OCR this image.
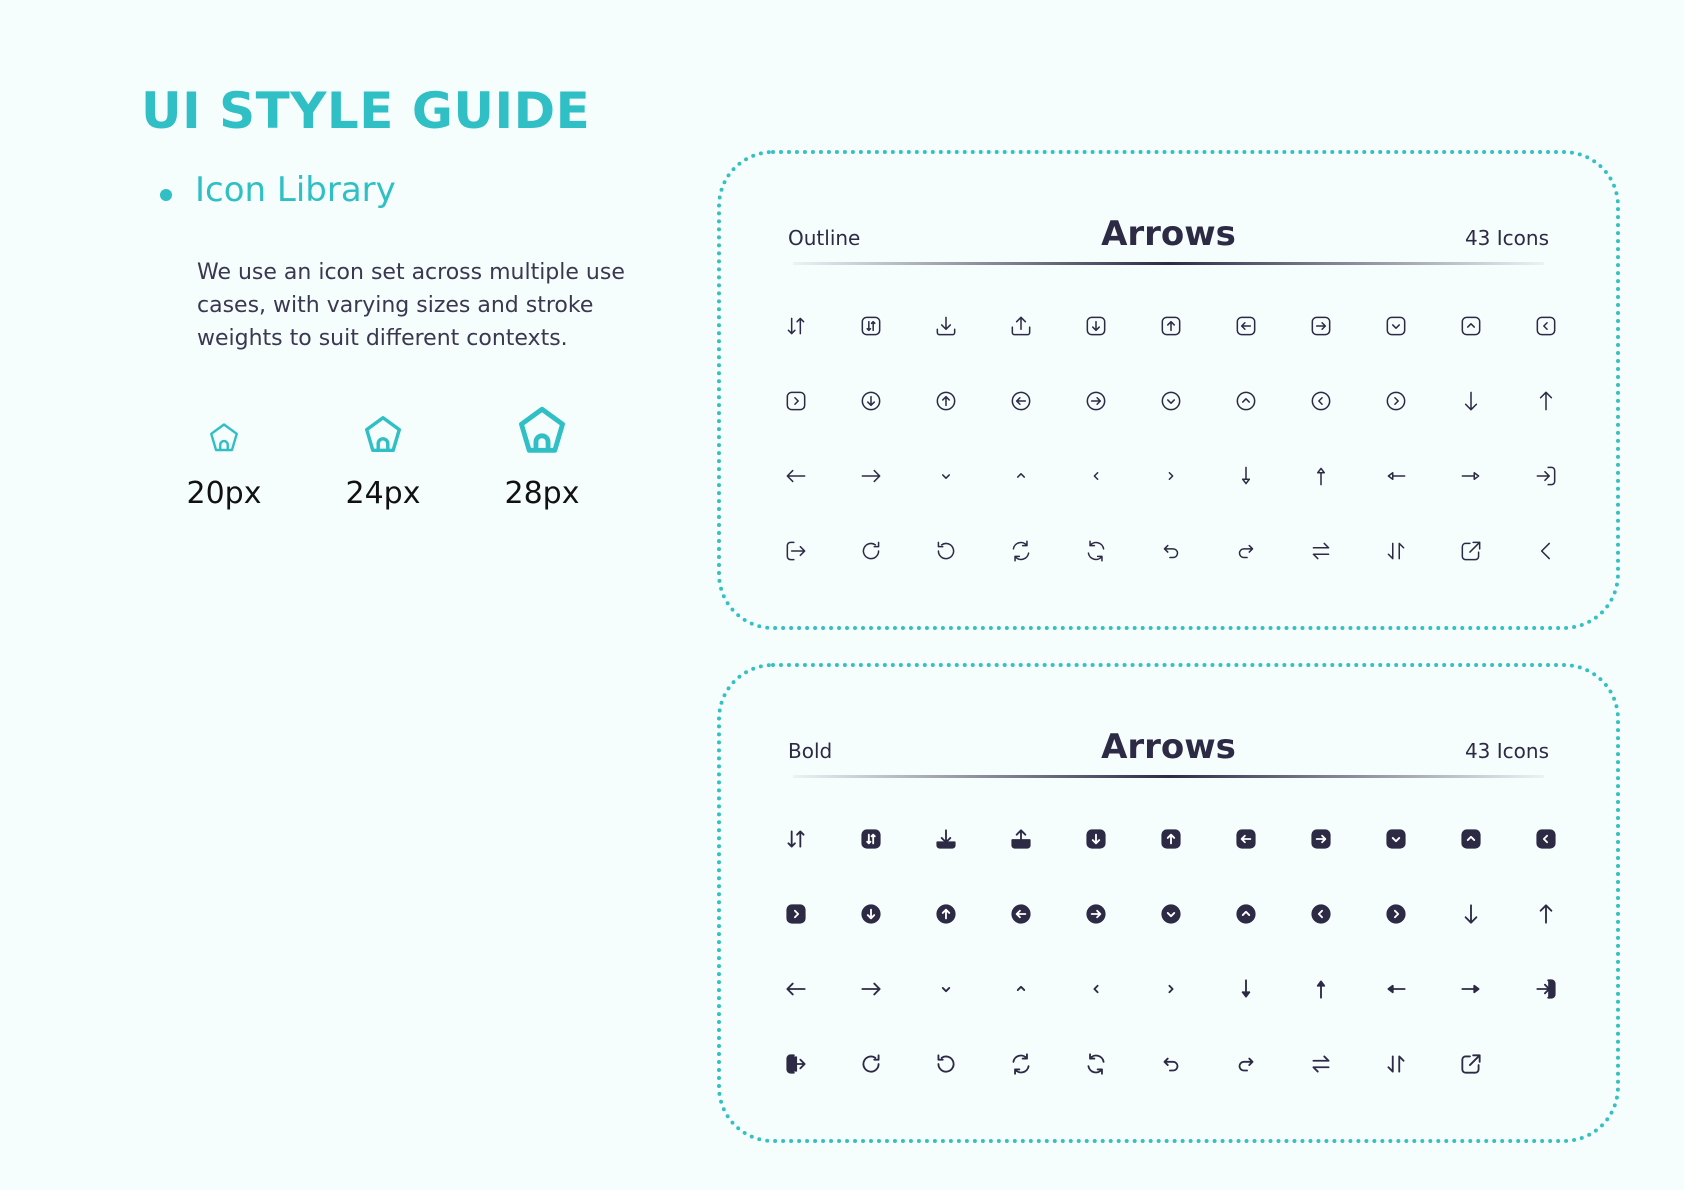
UI STYLE GUIDE
Icon Library
We use an icon set across multiple use cases, with varying sizes and stroke weights to suit different contexts.
20px	24px	28px
Outline	Arrows	43 Icons
Bold	Arrows	43 Icons
